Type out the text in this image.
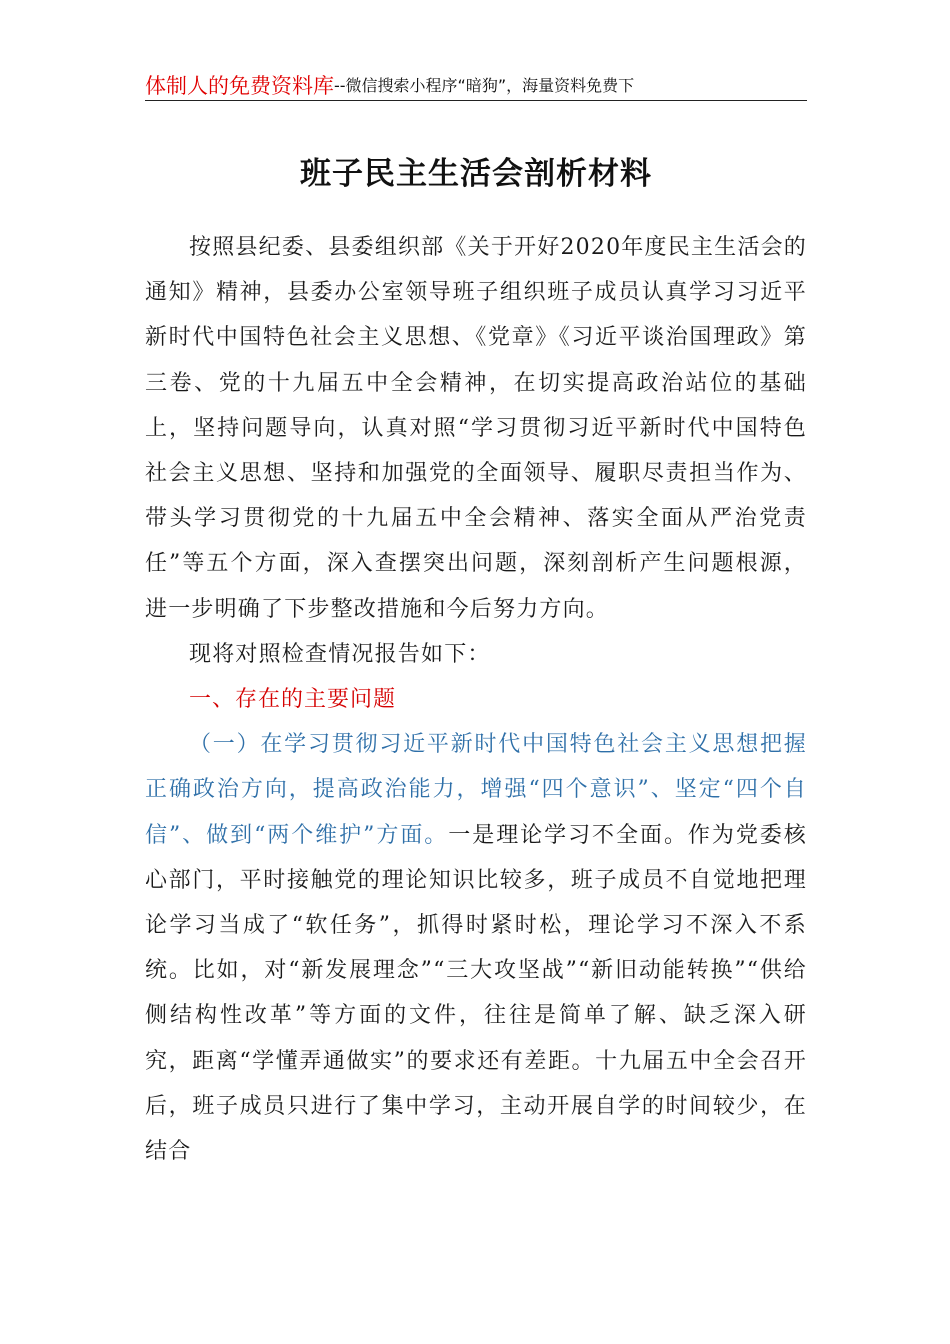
体制人的免费资料库--微信搜索小程序“暗狗”，海量资料免费下
班子民主生活会剖析材料

按照县纪委、县委组织部《关于开好2020年度民主生活会的通知》精神，县委办公室领导班子组织班子成员认真学习习近平新时代中国特色社会主义思想、《党章》《习近平谈治国理政》第三卷、党的十九届五中全会精神，在切实提高政治站位的基础上，坚持问题导向，认真对照“学习贯彻习近平新时代中国特色社会主义思想、坚持和加强党的全面领导、履职尽责担当作为、带头学习贯彻党的十九届五中全会精神、落实全面从严治党责任”等五个方面，深入查摆突出问题，深刻剖析产生问题根源，进一步明确了下步整改措施和今后努力方向。

现将对照检查情况报告如下：

一、存在的主要问题

（一）在学习贯彻习近平新时代中国特色社会主义思想把握正确政治方向，提高政治能力，增强“四个意识”、坚定“四个自信”、做到“两个维护”方面。一是理论学习不全面。作为党委核心部门，平时接触党的理论知识比较多，班子成员不自觉地把理论学习当成了“软任务”，抓得时紧时松，理论学习不深入不系统。比如，对“新发展理念”“三大攻坚战”“新旧动能转换”“供给侧结构性改革”等方面的文件，往往是简单了解、缺乏深入研究，距离“学懂弄通做实”的要求还有差距。十九届五中全会召开后，班子成员只进行了集中学习，主动开展自学的时间较少，在结合
